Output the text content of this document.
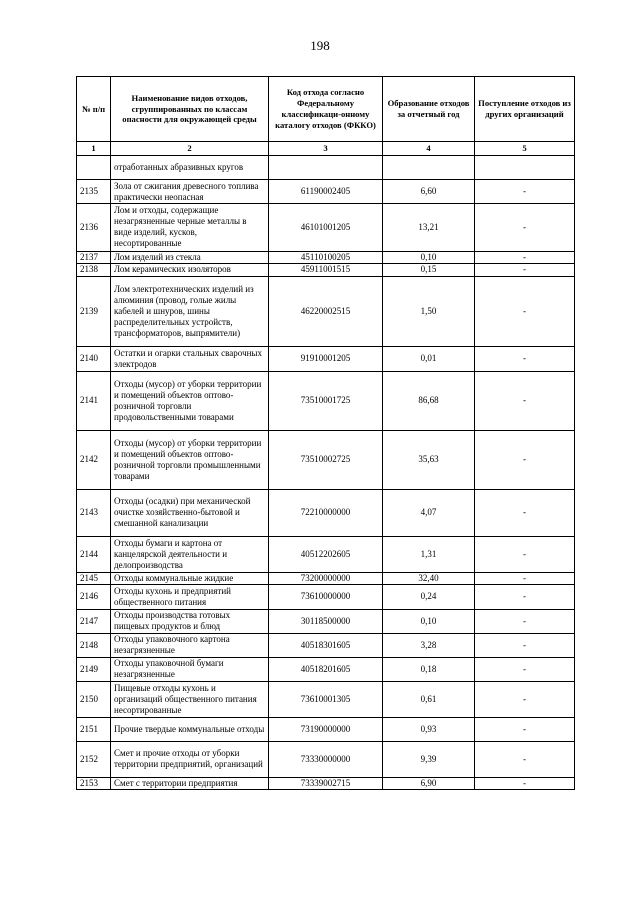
198
№ п/п	Наименование видов отходов, сгруппированных по классам опасности для окружающей среды	Код отхода согласно Федеральному классификаци-онному каталогу отходов (ФККО)	Образование отходов за отчетный год	Поступление отходов из других организаций
1	2	3	4	5
	отработанных абразивных кругов			
2135	Зола от сжигания древесного топлива практически неопасная	61190002405	6,60	-
2136	Лом и отходы, содержащие незагрязненные черные металлы в виде изделий, кусков, несортированные	46101001205	13,21	-
2137	Лом изделий из стекла	45110100205	0,10	-
2138	Лом керамических изоляторов	45911001515	0,15	-
2139	Лом электротехнических изделий из алюминия (провод, голые жилы кабелей и шнуров, шины распределительных устройств, трансформаторов, выпрямители)	46220002515	1,50	-
2140	Остатки и огарки стальных сварочных электродов	91910001205	0,01	-
2141	Отходы (мусор) от уборки территории и помещений объектов оптово-розничной торговли продовольственными товарами	73510001725	86,68	-
2142	Отходы (мусор) от уборки территории и помещений объектов оптово-розничной торговли промышленными товарами	73510002725	35,63	-
2143	Отходы (осадки) при механической очистке хозяйственно-бытовой и смешанной канализации	72210000000	4,07	-
2144	Отходы бумаги и картона от канцелярской деятельности и делопроизводства	40512202605	1,31	-
2145	Отходы коммунальные жидкие	73200000000	32,40	-
2146	Отходы кухонь и предприятий общественного питания	73610000000	0,24	-
2147	Отходы производства готовых пищевых продуктов и блюд	30118500000	0,10	-
2148	Отходы упаковочного картона незагрязненные	40518301605	3,28	-
2149	Отходы упаковочной бумаги незагрязненные	40518201605	0,18	-
2150	Пищевые отходы кухонь и организаций общественного питания несортированные	73610001305	0,61	-
2151	Прочие твердые коммунальные отходы	73190000000	0,93	-
2152	Смет и прочие отходы от уборки территории предприятий, организаций	73330000000	9,39	-
2153	Смет с территории предприятия	73339002715	6,90	-
